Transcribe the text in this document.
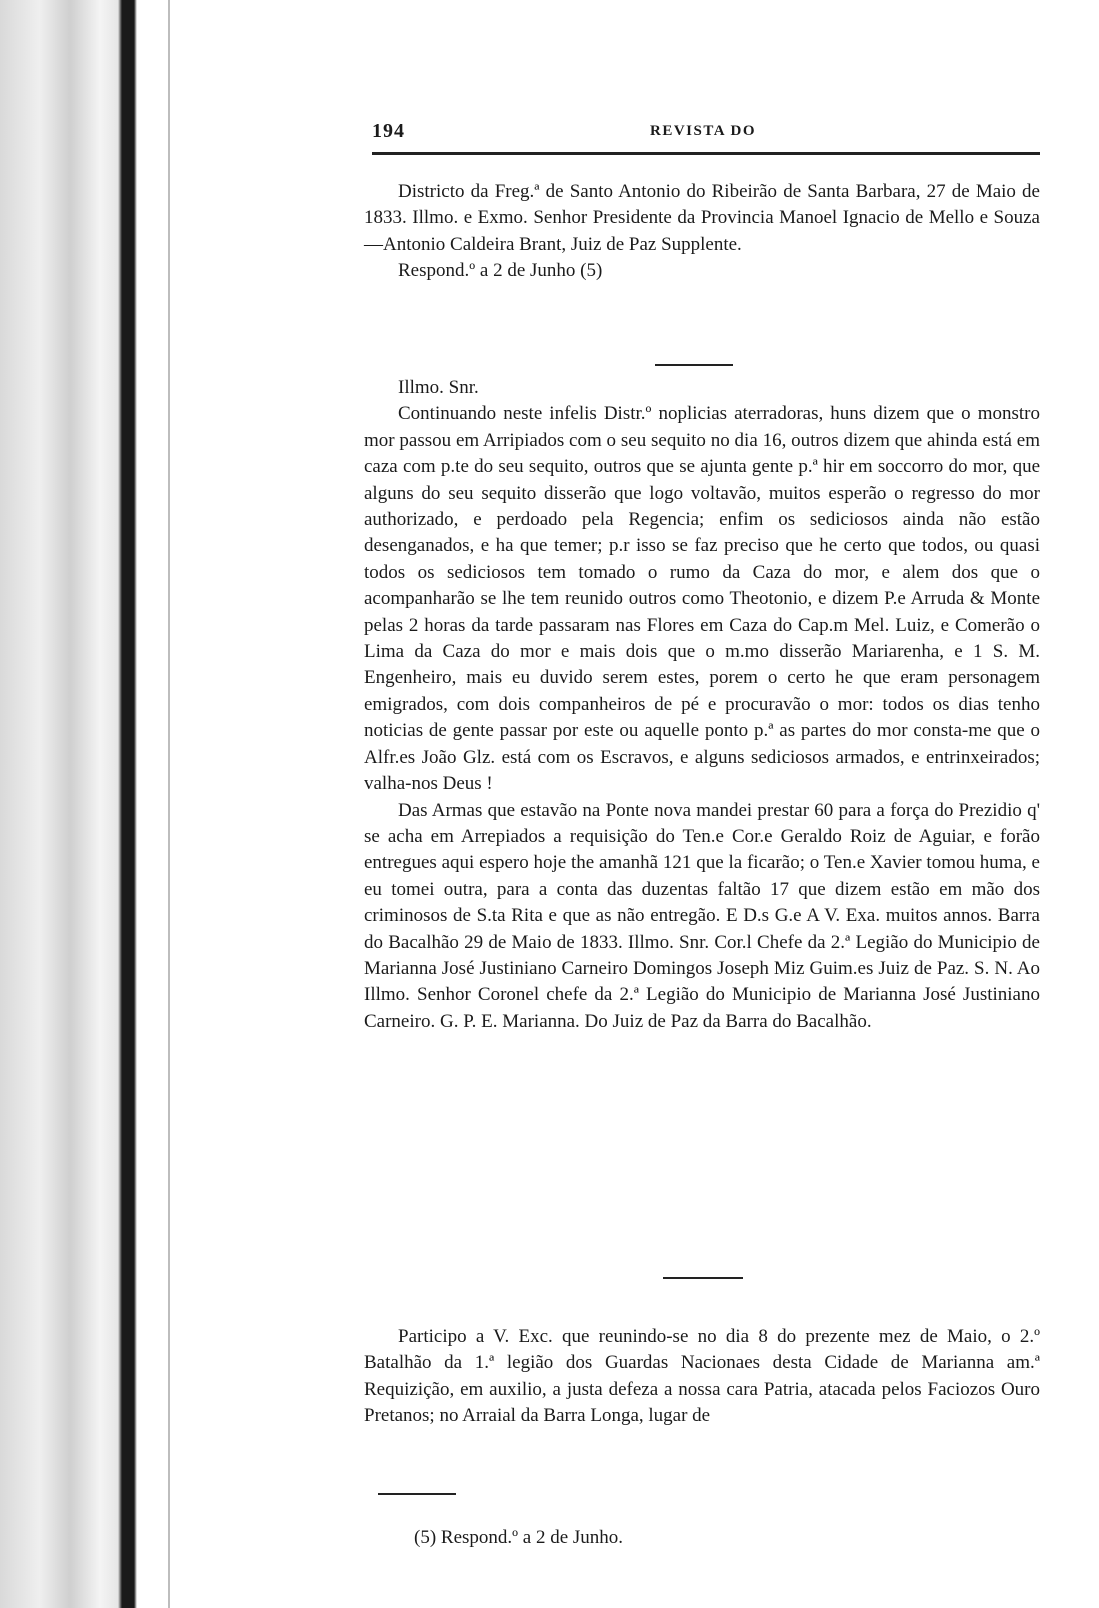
194	REVISTA DO

Districto da Freg.ª de Santo Antonio do Ribeirão de Santa Barbara, 27 de Maio de 1833. Illmo. e Exmo. Senhor Presidente da Provincia Manoel Ignacio de Mello e Souza—Antonio Caldeira Brant, Juiz de Paz Supplente.

Respond.º a 2 de Junho (5)

Illmo. Snr.

Continuando neste infelis Distr.º noplicias aterradoras, huns dizem que o monstro mor passou em Arripiados com o seu sequito no dia 16, outros dizem que ahinda está em caza com p.te do seu sequito, outros que se ajunta gente p.ª hir em soccorro do mor, que alguns do seu sequito disserão que logo voltavão, muitos esperão o regresso do mor authorizado, e perdoado pela Regencia; enfim os sediciosos ainda não estão desenganados, e ha que temer; p.r isso se faz preciso que he certo que todos, ou quasi todos os sediciosos tem tomado o rumo da Caza do mor, e alem dos que o acompanharão se lhe tem reunido outros como Theotonio, e dizem P.e Arruda & Monte pelas 2 horas da tarde passaram nas Flores em Caza do Cap.m Mel. Luiz, e Comerão o Lima da Caza do mor e mais dois que o m.mo disserão Mariarenha, e 1 S. M. Engenheiro, mais eu duvido serem estes, porem o certo he que eram personagem emigrados, com dois companheiros de pé e procuravão o mor: todos os dias tenho noticias de gente passar por este ou aquelle ponto p.ª as partes do mor consta-me que o Alfr.es João Glz. está com os Escravos, e alguns sediciosos armados, e entrinxeirados; valha-nos Deus !

Das Armas que estavão na Ponte nova mandei prestar 60 para a força do Prezidio q' se acha em Arrepiados a requisição do Ten.e Cor.e Geraldo Roiz de Aguiar, e forão entregues aqui espero hoje the amanhã 121 que la ficarão; o Ten.e Xavier tomou huma, e eu tomei outra, para a conta das duzentas faltão 17 que dizem estão em mão dos criminosos de S.ta Rita e que as não entregão. E D.s G.e A V. Exa. muitos annos. Barra do Bacalhão 29 de Maio de 1833. Illmo. Snr. Cor.l Chefe da 2.ª Legião do Municipio de Marianna José Justiniano Carneiro Domingos Joseph Miz Guim.es Juiz de Paz. S. N. Ao Illmo. Senhor Coronel chefe da 2.ª Legião do Municipio de Marianna José Justiniano Carneiro. G. P. E. Marianna. Do Juiz de Paz da Barra do Bacalhão.

Participo a V. Exc. que reunindo-se no dia 8 do prezente mez de Maio, o 2.º Batalhão da 1.ª legião dos Guardas Nacionaes desta Cidade de Marianna am.ª Requizição, em auxilio, a justa defeza a nossa cara Patria, atacada pelos Faciozos Ouro Pretanos; no Arraial da Barra Longa, lugar de

(5) Respond.º a 2 de Junho.
